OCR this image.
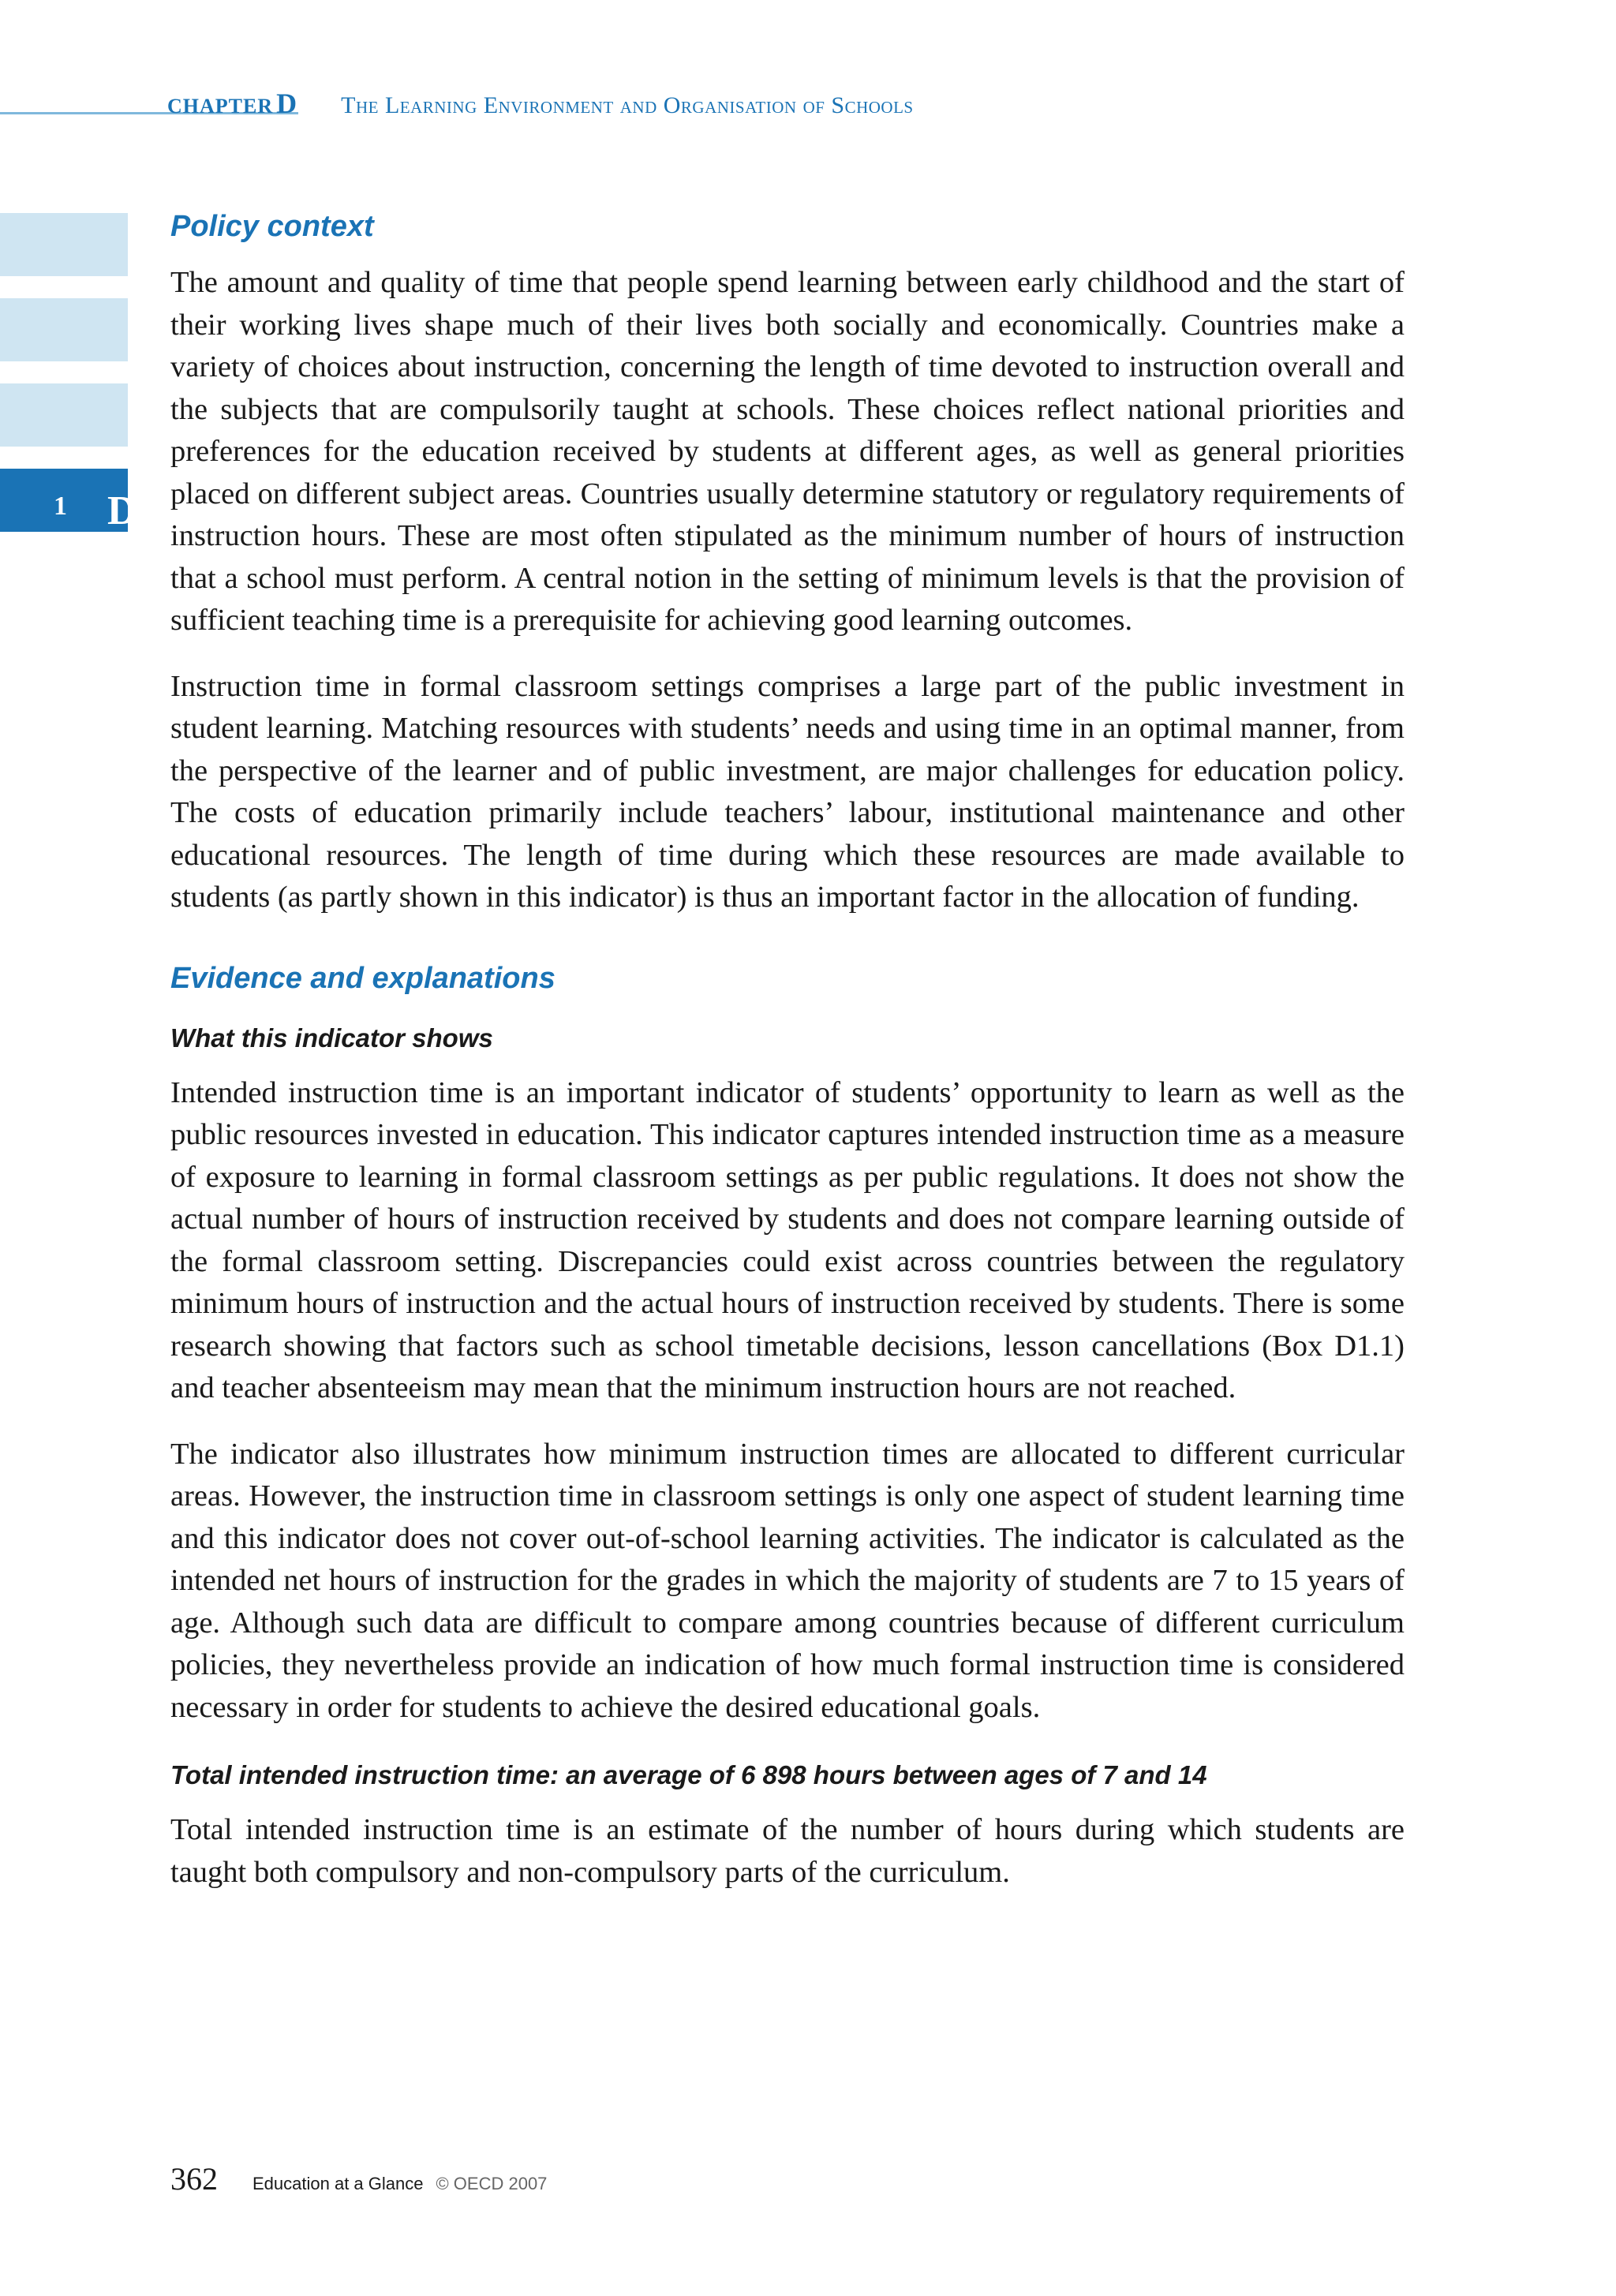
CHAPTER D The Learning Environment and Organisation of Schools
D
1
Policy context

The amount and quality of time that people spend learning between early childhood and the start of their working lives shape much of their lives both socially and economically. Countries make a variety of choices about instruction, concerning the length of time devoted to instruction overall and the subjects that are compulsorily taught at schools. These choices reflect national priorities and preferences for the education received by students at different ages, as well as general priorities placed on different subject areas. Countries usually determine statutory or regulatory requirements of instruction hours. These are most often stipulated as the minimum number of hours of instruction that a school must perform. A central notion in the setting of minimum levels is that the provision of sufficient teaching time is a prerequisite for achieving good learning outcomes.

Instruction time in formal classroom settings comprises a large part of the public investment in student learning. Matching resources with students’ needs and using time in an optimal manner, from the perspective of the learner and of public investment, are major challenges for education policy. The costs of education primarily include teachers’ labour, institutional maintenance and other educational resources. The length of time during which these resources are made available to students (as partly shown in this indicator) is thus an important factor in the allocation of funding.

Evidence and explanations
What this indicator shows

Intended instruction time is an important indicator of students’ opportunity to learn as well as the public resources invested in education. This indicator captures intended instruction time as a measure of exposure to learning in formal classroom settings as per public regulations. It does not show the actual number of hours of instruction received by students and does not compare learning outside of the formal classroom setting. Discrepancies could exist across countries between the regulatory minimum hours of instruction and the actual hours of instruction received by students. There is some research showing that factors such as school timetable decisions, lesson cancellations (Box D1.1) and teacher absenteeism may mean that the minimum instruction hours are not reached.

The indicator also illustrates how minimum instruction times are allocated to different curricular areas. However, the instruction time in classroom settings is only one aspect of student learning time and this indicator does not cover out-of-school learning activities. The indicator is calculated as the intended net hours of instruction for the grades in which the majority of students are 7 to 15 years of age. Although such data are difficult to compare among countries because of different curriculum policies, they nevertheless provide an indication of how much formal instruction time is considered necessary in order for students to achieve the desired educational goals.

Total intended instruction time: an average of 6 898 hours between ages of 7 and 14

Total intended instruction time is an estimate of the number of hours during which students are taught both compulsory and non-compulsory parts of the curriculum.

362 Education at a Glance © OECD 2007
